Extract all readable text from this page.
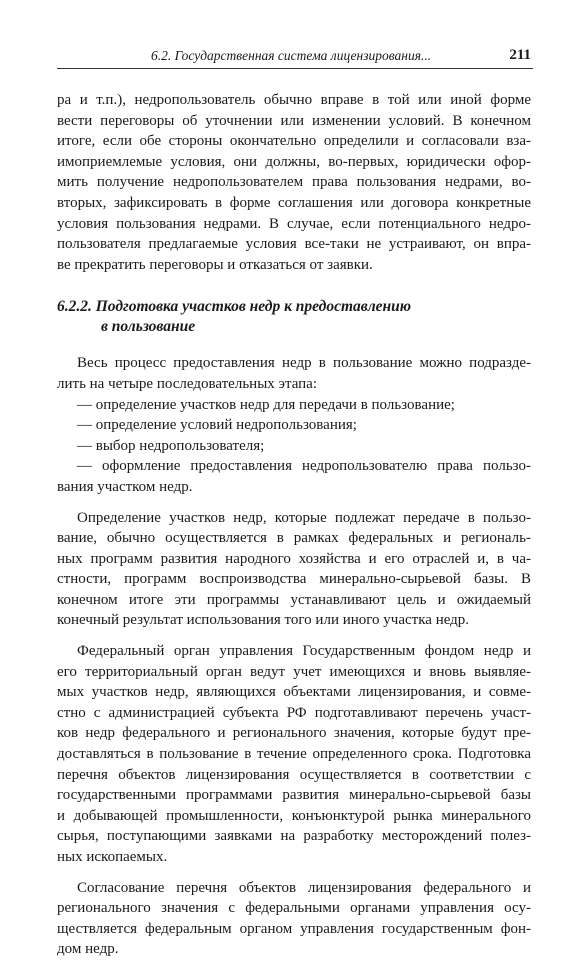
6.2. Государственная система лицензирования...	211

ра и т.п.), недропользователь обычно вправе в той или иной форме
вести переговоры об уточнении или изменении условий. В конечном
итоге, если обе стороны окончательно определили и согласовали вза-
имоприемлемые условия, они должны, во-первых, юридически офор-
мить получение недропользователем права пользования недрами, во-
вторых, зафиксировать в форме соглашения или договора конкретные
условия пользования недрами. В случае, если потенциального недро-
пользователя предлагаемые условия все-таки не устраивают, он впра-
ве прекратить переговоры и отказаться от заявки.

6.2.2. Подготовка участков недр к предоставлению
в пользование

Весь процесс предоставления недр в пользование можно подразде-
лить на четыре последовательных этапа:
— определение участков недр для передачи в пользование;
— определение условий недропользования;
— выбор недропользователя;
— оформление предоставления недропользователю права пользо-
вания участком недр.

Определение участков недр, которые подлежат передаче в пользо-
вание, обычно осуществляется в рамках федеральных и региональ-
ных программ развития народного хозяйства и его отраслей и, в ча-
стности, программ воспроизводства минерально-сырьевой базы. В
конечном итоге эти программы устанавливают цель и ожидаемый
конечный результат использования того или иного участка недр.

Федеральный орган управления Государственным фондом недр и
его территориальный орган ведут учет имеющихся и вновь выявляе-
мых участков недр, являющихся объектами лицензирования, и совме-
стно с администрацией субъекта РФ подготавливают перечень участ-
ков недр федерального и регионального значения, которые будут пре-
доставляться в пользование в течение определенного срока. Подготовка
перечня объектов лицензирования осуществляется в соответствии с
государственными программами развития минерально-сырьевой базы
и добывающей промышленности, конъюнктурой рынка минерального
сырья, поступающими заявками на разработку месторождений полез-
ных ископаемых.

Согласование перечня объектов лицензирования федерального и
регионального значения с федеральными органами управления осу-
ществляется федеральным органом управления государственным фон-
дом недр.
